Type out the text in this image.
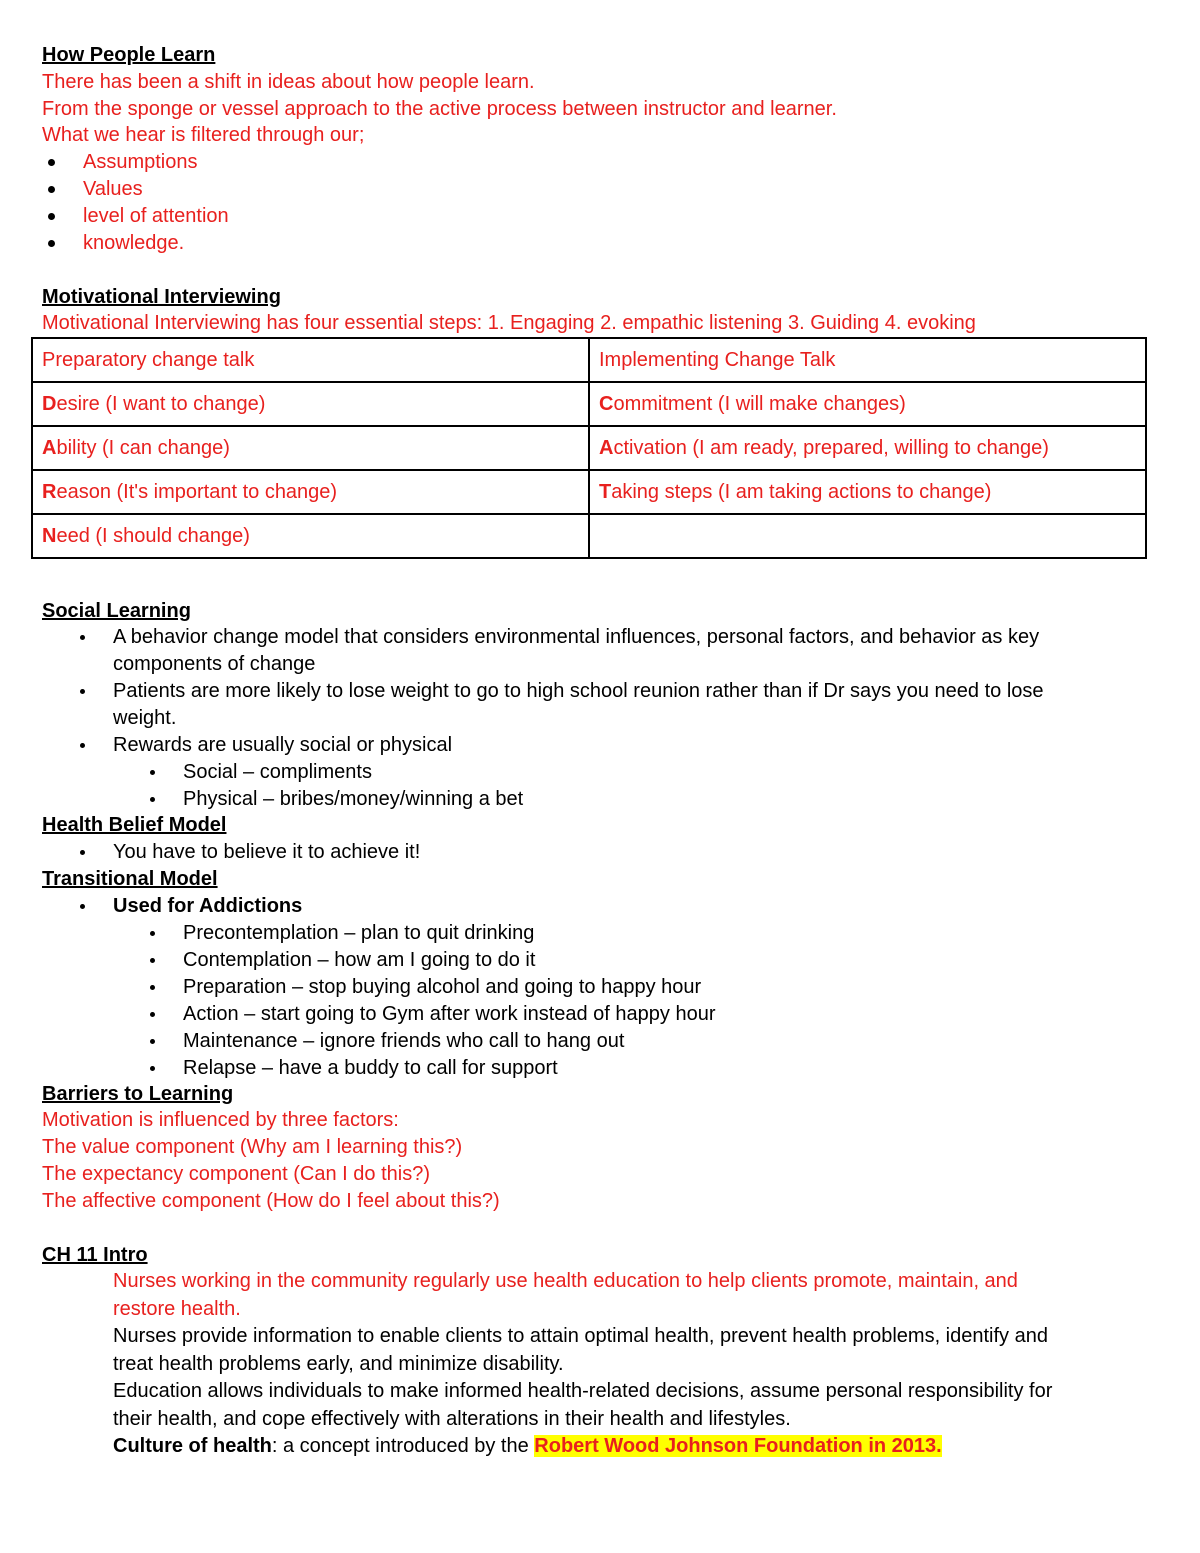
How People Learn
There has been a shift in ideas about how people learn.
From the sponge or vessel approach to the active process between instructor and learner.
What we hear is filtered through our;
Assumptions
Values
level of attention
knowledge.
Motivational Interviewing
Motivational Interviewing has four essential steps: 1. Engaging 2. empathic listening 3. Guiding 4. evoking
Preparatory change talk	Implementing Change Talk
Desire (I want to change)	Commitment (I will make changes)
Ability (I can change)	Activation (I am ready, prepared, willing to change)
Reason (It's important to change)	Taking steps (I am taking actions to change)
Need (I should change)	
Social Learning
A behavior change model that considers environmental influences, personal factors, and behavior as key
components of change
Patients are more likely to lose weight to go to high school reunion rather than if Dr says you need to lose
weight.
Rewards are usually social or physical
Social – compliments
Physical – bribes/money/winning a bet
Health Belief Model
You have to believe it to achieve it!
Transitional Model
Used for Addictions
Precontemplation – plan to quit drinking
Contemplation – how am I going to do it
Preparation – stop buying alcohol and going to happy hour
Action – start going to Gym after work instead of happy hour
Maintenance – ignore friends who call to hang out
Relapse – have a buddy to call for support
Barriers to Learning
Motivation is influenced by three factors:
The value component (Why am I learning this?)
The expectancy component (Can I do this?)
The affective component (How do I feel about this?)
CH 11 Intro
Nurses working in the community regularly use health education to help clients promote, maintain, and
restore health.
Nurses provide information to enable clients to attain optimal health, prevent health problems, identify and
treat health problems early, and minimize disability.
Education allows individuals to make informed health-related decisions, assume personal responsibility for
their health, and cope effectively with alterations in their health and lifestyles.
Culture of health: a concept introduced by the Robert Wood Johnson Foundation in 2013.
